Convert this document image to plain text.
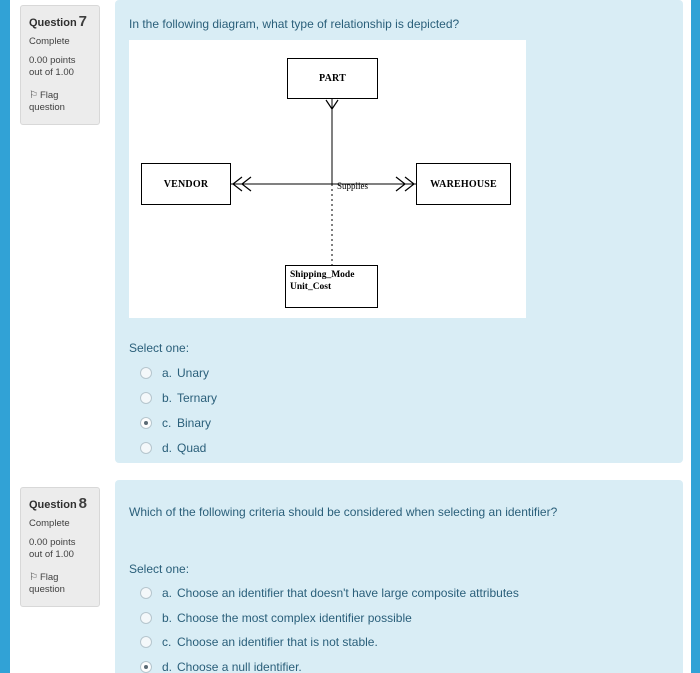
Question 7
Complete
0.00 points out of 1.00
⚐ Flag question
In the following diagram, what type of relationship is depicted?
PART
VENDOR	WAREHOUSE
Supplies
Shipping_Mode
Unit_Cost
Select one:
a. Unary
b. Ternary
c. Binary
d. Quad
Question 8
Complete
0.00 points out of 1.00
⚐ Flag question
Which of the following criteria should be considered when selecting an identifier?
Select one:
a. Choose an identifier that doesn't have large composite attributes
b. Choose the most complex identifier possible
c. Choose an identifier that is not stable.
d. Choose a null identifier.
